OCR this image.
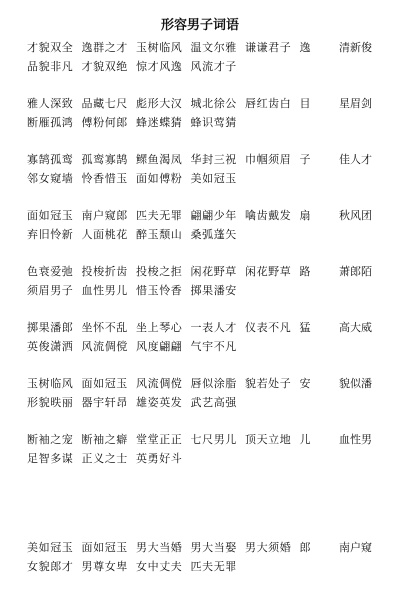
形容男子词语
才貌双全 逸群之才 玉树临风 温文尔雅 谦谦君子 逸 品貌非凡 才貌双绝 惊才风逸 风流才子
清新俊
雅人深致 品藏七尺 彪形大汉 城北徐公 唇红齿白 目 断雁孤鸿 傅粉何郎 蜂迷蝶猜 蜂识莺猜
星眉剑
寡鹄孤鸾 孤鸾寡鹄 鳏鱼渴凤 华封三祝 巾帼须眉 子 邻女窥墙 怜香惜玉 面如傅粉 美如冠玉
佳人才
面如冠玉 南户窥郎 匹夫无罪 翩翩少年 噙齿戴发 扇 弃旧怜新 人面桃花 醉玉颓山 桑弧蓬矢
秋风团
色衰爱弛 投梭折齿 投梭之拒 闲花野草 闲花野草 路 须眉男子 血性男儿 惜玉怜香 掷果潘安
萧郎陌
掷果潘郎 坐怀不乱 坐上琴心 一表人才 仪表不凡 猛 英俊潇洒 风流倜傥 风度翩翩 气宇不凡
高大威
玉树临风 面如冠玉 风流倜傥 唇似涂脂 貌若处子 安 形貌昳丽 器宇轩昂 雄姿英发 武艺高强
貌似潘
断袖之宠 断袖之癖 堂堂正正 七尺男儿 顶天立地 儿 足智多谋 正义之士 英勇好斗
血性男
美如冠玉 面如冠玉 男大当婚 男大当娶 男大须婚 郎 女貌郎才 男尊女卑 女中丈夫 匹夫无罪
南户窥
